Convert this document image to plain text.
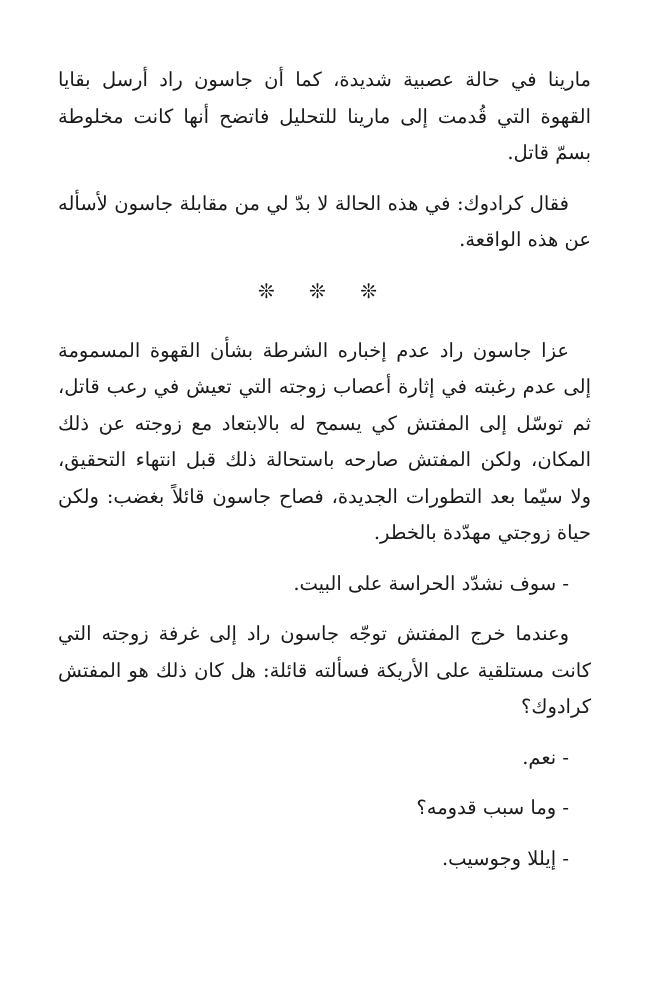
مارينا في حالة عصبية شديدة، كما أن جاسون راد أرسل بقايا القهوة التي قُدمت إلى مارينا للتحليل فاتضح أنها كانت مخلوطة بسمّ قاتل.

فقال كرادوك: في هذه الحالة لا بدّ لي من مقابلة جاسون لأسأله عن هذه الواقعة.

❊ ❊ ❊

عزا جاسون راد عدم إخباره الشرطة بشأن القهوة المسمومة إلى عدم رغبته في إثارة أعصاب زوجته التي تعيش في رعب قاتل، ثم توسّل إلى المفتش كي يسمح له بالابتعاد مع زوجته عن ذلك المكان، ولكن المفتش صارحه باستحالة ذلك قبل انتهاء التحقيق، ولا سيّما بعد التطورات الجديدة، فصاح جاسون قائلاً بغضب: ولكن حياة زوجتي مهدّدة بالخطر.

- سوف نشدّد الحراسة على البيت.

وعندما خرج المفتش توجّه جاسون راد إلى غرفة زوجته التي كانت مستلقية على الأريكة فسألته قائلة: هل كان ذلك هو المفتش كرادوك؟

- نعم.

- وما سبب قدومه؟

- إيللا وجوسيب.
